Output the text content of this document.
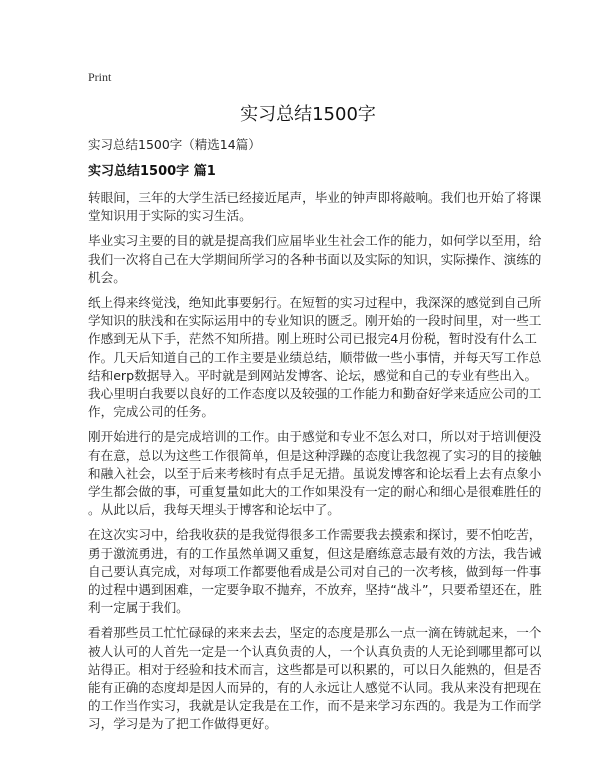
Print
实习总结1500字
实习总结1500字（精选14篇）
实习总结1500字 篇1
转眼间，三年的大学生活已经接近尾声，毕业的钟声即将敲响。我们也开始了将课
堂知识用于实际的实习生活。
毕业实习主要的目的就是提高我们应届毕业生社会工作的能力，如何学以至用，给
我们一次将自己在大学期间所学习的各种书面以及实际的知识，实际操作、演练的
机会。
纸上得来终觉浅，绝知此事要躬行。在短暂的实习过程中，我深深的感觉到自己所
学知识的肤浅和在实际运用中的专业知识的匮乏。刚开始的一段时间里，对一些工
作感到无从下手，茫然不知所措。刚上班时公司已报完4月份税，暂时没有什么工
作。几天后知道自己的工作主要是业绩总结，顺带做一些小事情，并每天写工作总
结和erp数据导入。平时就是到网站发博客、论坛，感觉和自己的专业有些出入。
我心里明白我要以良好的工作态度以及较强的工作能力和勤奋好学来适应公司的工
作，完成公司的任务。
刚开始进行的是完成培训的工作。由于感觉和专业不怎么对口，所以对于培训便没
有在意，总以为这些工作很简单，但是这种浮躁的态度让我忽视了实习的目的接触
和融入社会，以至于后来考核时有点手足无措。虽说发博客和论坛看上去有点象小
学生都会做的事，可重复量如此大的工作如果没有一定的耐心和细心是很难胜任的
。从此以后，我每天埋头于博客和论坛中了。
在这次实习中，给我收获的是我觉得很多工作需要我去摸索和探讨，要不怕吃苦，
勇于激流勇进，有的工作虽然单调又重复，但这是磨练意志最有效的方法，我告诫
自己要认真完成，对每项工作都要他看成是公司对自己的一次考核，做到每一件事
的过程中遇到困难，一定要争取不抛弃，不放弃，坚持“战斗”，只要希望还在，胜
利一定属于我们。
看着那些员工忙忙碌碌的来来去去，坚定的态度是那么一点一滴在铸就起来，一个
被人认可的人首先一定是一个认真负责的人，一个认真负责的人无论到哪里都可以
站得正。相对于经验和技术而言，这些都是可以积累的，可以日久能熟的，但是否
能有正确的态度却是因人而异的，有的人永远让人感觉不认同。我从来没有把现在
的工作当作实习，我就是认定我是在工作，而不是来学习东西的。我是为工作而学
习，学习是为了把工作做得更好。
